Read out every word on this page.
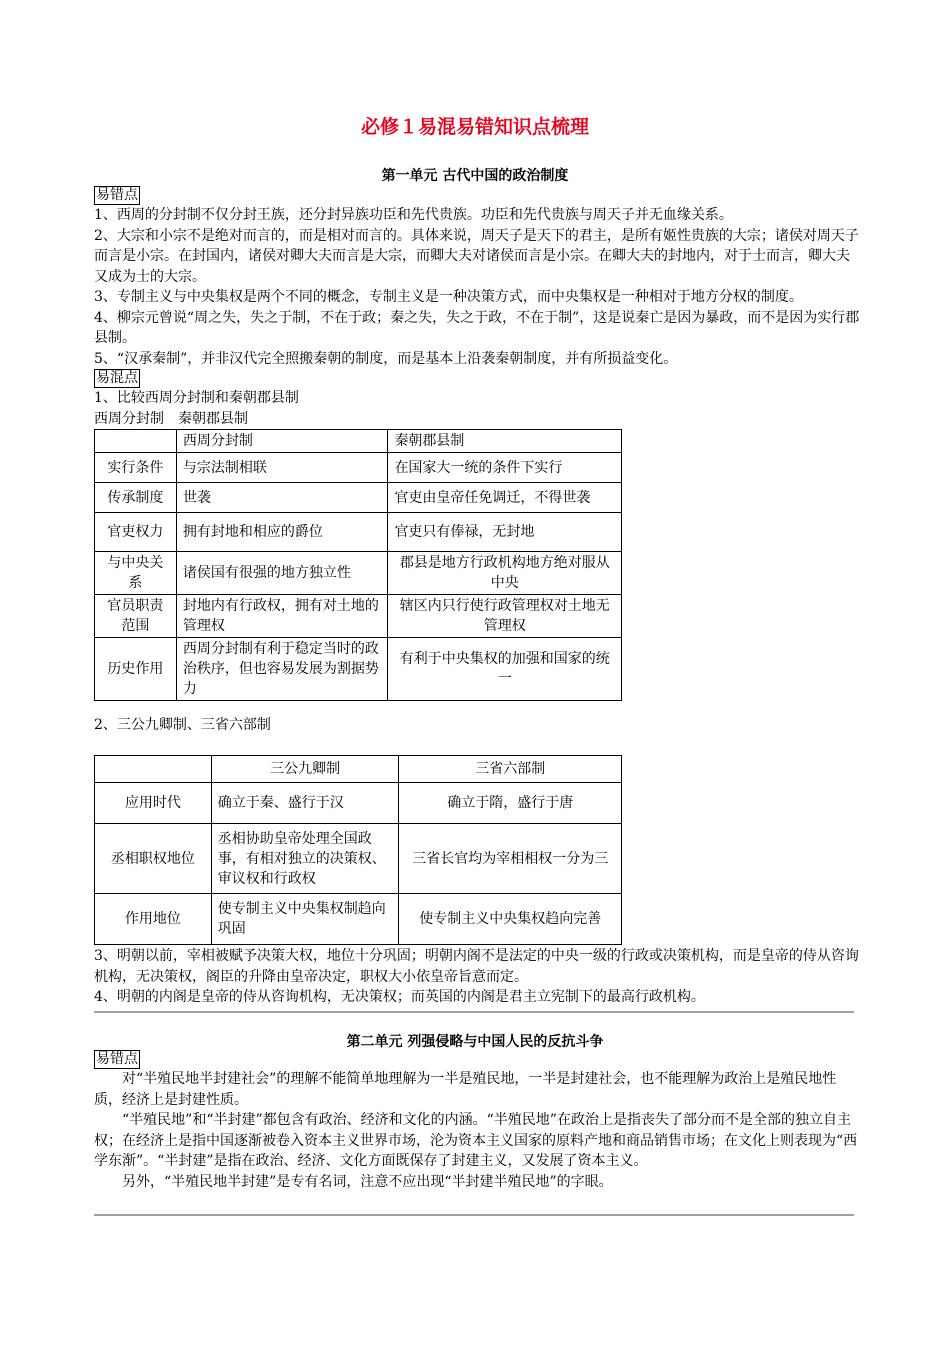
必修１易混易错知识点梳理
第一单元 古代中国的政治制度
易错点

1、西周的分封制不仅分封王族，还分封异族功臣和先代贵族。功臣和先代贵族与周天子并无血缘关系。

2、大宗和小宗不是绝对而言的，而是相对而言的。具体来说，周天子是天下的君主，是所有姬性贵族的大宗；诸侯对周天子而言是小宗。在封国内，诸侯对卿大夫而言是大宗，而卿大夫对诸侯而言是小宗。在卿大夫的封地内，对于士而言，卿大夫又成为士的大宗。

3、专制主义与中央集权是两个不同的概念，专制主义是一种决策方式，而中央集权是一种相对于地方分权的制度。

4、柳宗元曾说“周之失，失之于制，不在于政；秦之失，失之于政，不在于制”，这是说秦亡是因为暴政，而不是因为实行郡县制。

5、“汉承秦制”，并非汉代完全照搬秦朝的制度，而是基本上沿袭秦朝制度，并有所损益变化。

易混点

1、比较西周分封制和秦朝郡县制

西周分封制　秦朝郡县制

	西周分封制	秦朝郡县制
实行条件	与宗法制相联	在国家大一统的条件下实行
传承制度	世袭	官吏由皇帝任免调迁，不得世袭
官吏权力	拥有封地和相应的爵位	官吏只有俸禄，无封地
与中央关系	诸侯国有很强的地方独立性	郡县是地方行政机构地方绝对服从中央
官员职责范围	封地内有行政权，拥有对土地的管理权	辖区内只行使行政管理权对土地无管理权
历史作用	西周分封制有利于稳定当时的政治秩序，但也容易发展为割据势力	有利于中央集权的加强和国家的统一

2、三公九卿制、三省六部制

	三公九卿制	三省六部制
应用时代	确立于秦、盛行于汉	确立于隋，盛行于唐
丞相职权地位	丞相协助皇帝处理全国政事，有相对独立的决策权、审议权和行政权	三省长官均为宰相相权一分为三
作用地位	使专制主义中央集权制趋向巩固	使专制主义中央集权趋向完善

3、明朝以前，宰相被赋予决策大权，地位十分巩固；明朝内阁不是法定的中央一级的行政或决策机构，而是皇帝的侍从咨询机构，无决策权，阁臣的升降由皇帝决定，职权大小依皇帝旨意而定。

4、明朝的内阁是皇帝的侍从咨询机构，无决策权；而英国的内阁是君主立宪制下的最高行政机构。

第二单元 列强侵略与中国人民的反抗斗争
易错点

对“半殖民地半封建社会”的理解不能简单地理解为一半是殖民地，一半是封建社会，也不能理解为政治上是殖民地性质，经济上是封建性质。

“半殖民地”和“半封建”都包含有政治、经济和文化的内涵。“半殖民地”在政治上是指丧失了部分而不是全部的独立自主权；在经济上是指中国逐渐被卷入资本主义世界市场，沦为资本主义国家的原料产地和商品销售市场；在文化上则表现为“西学东渐”。“半封建”是指在政治、经济、文化方面既保存了封建主义，又发展了资本主义。

另外，“半殖民地半封建”是专有名词，注意不应出现“半封建半殖民地”的字眼。
